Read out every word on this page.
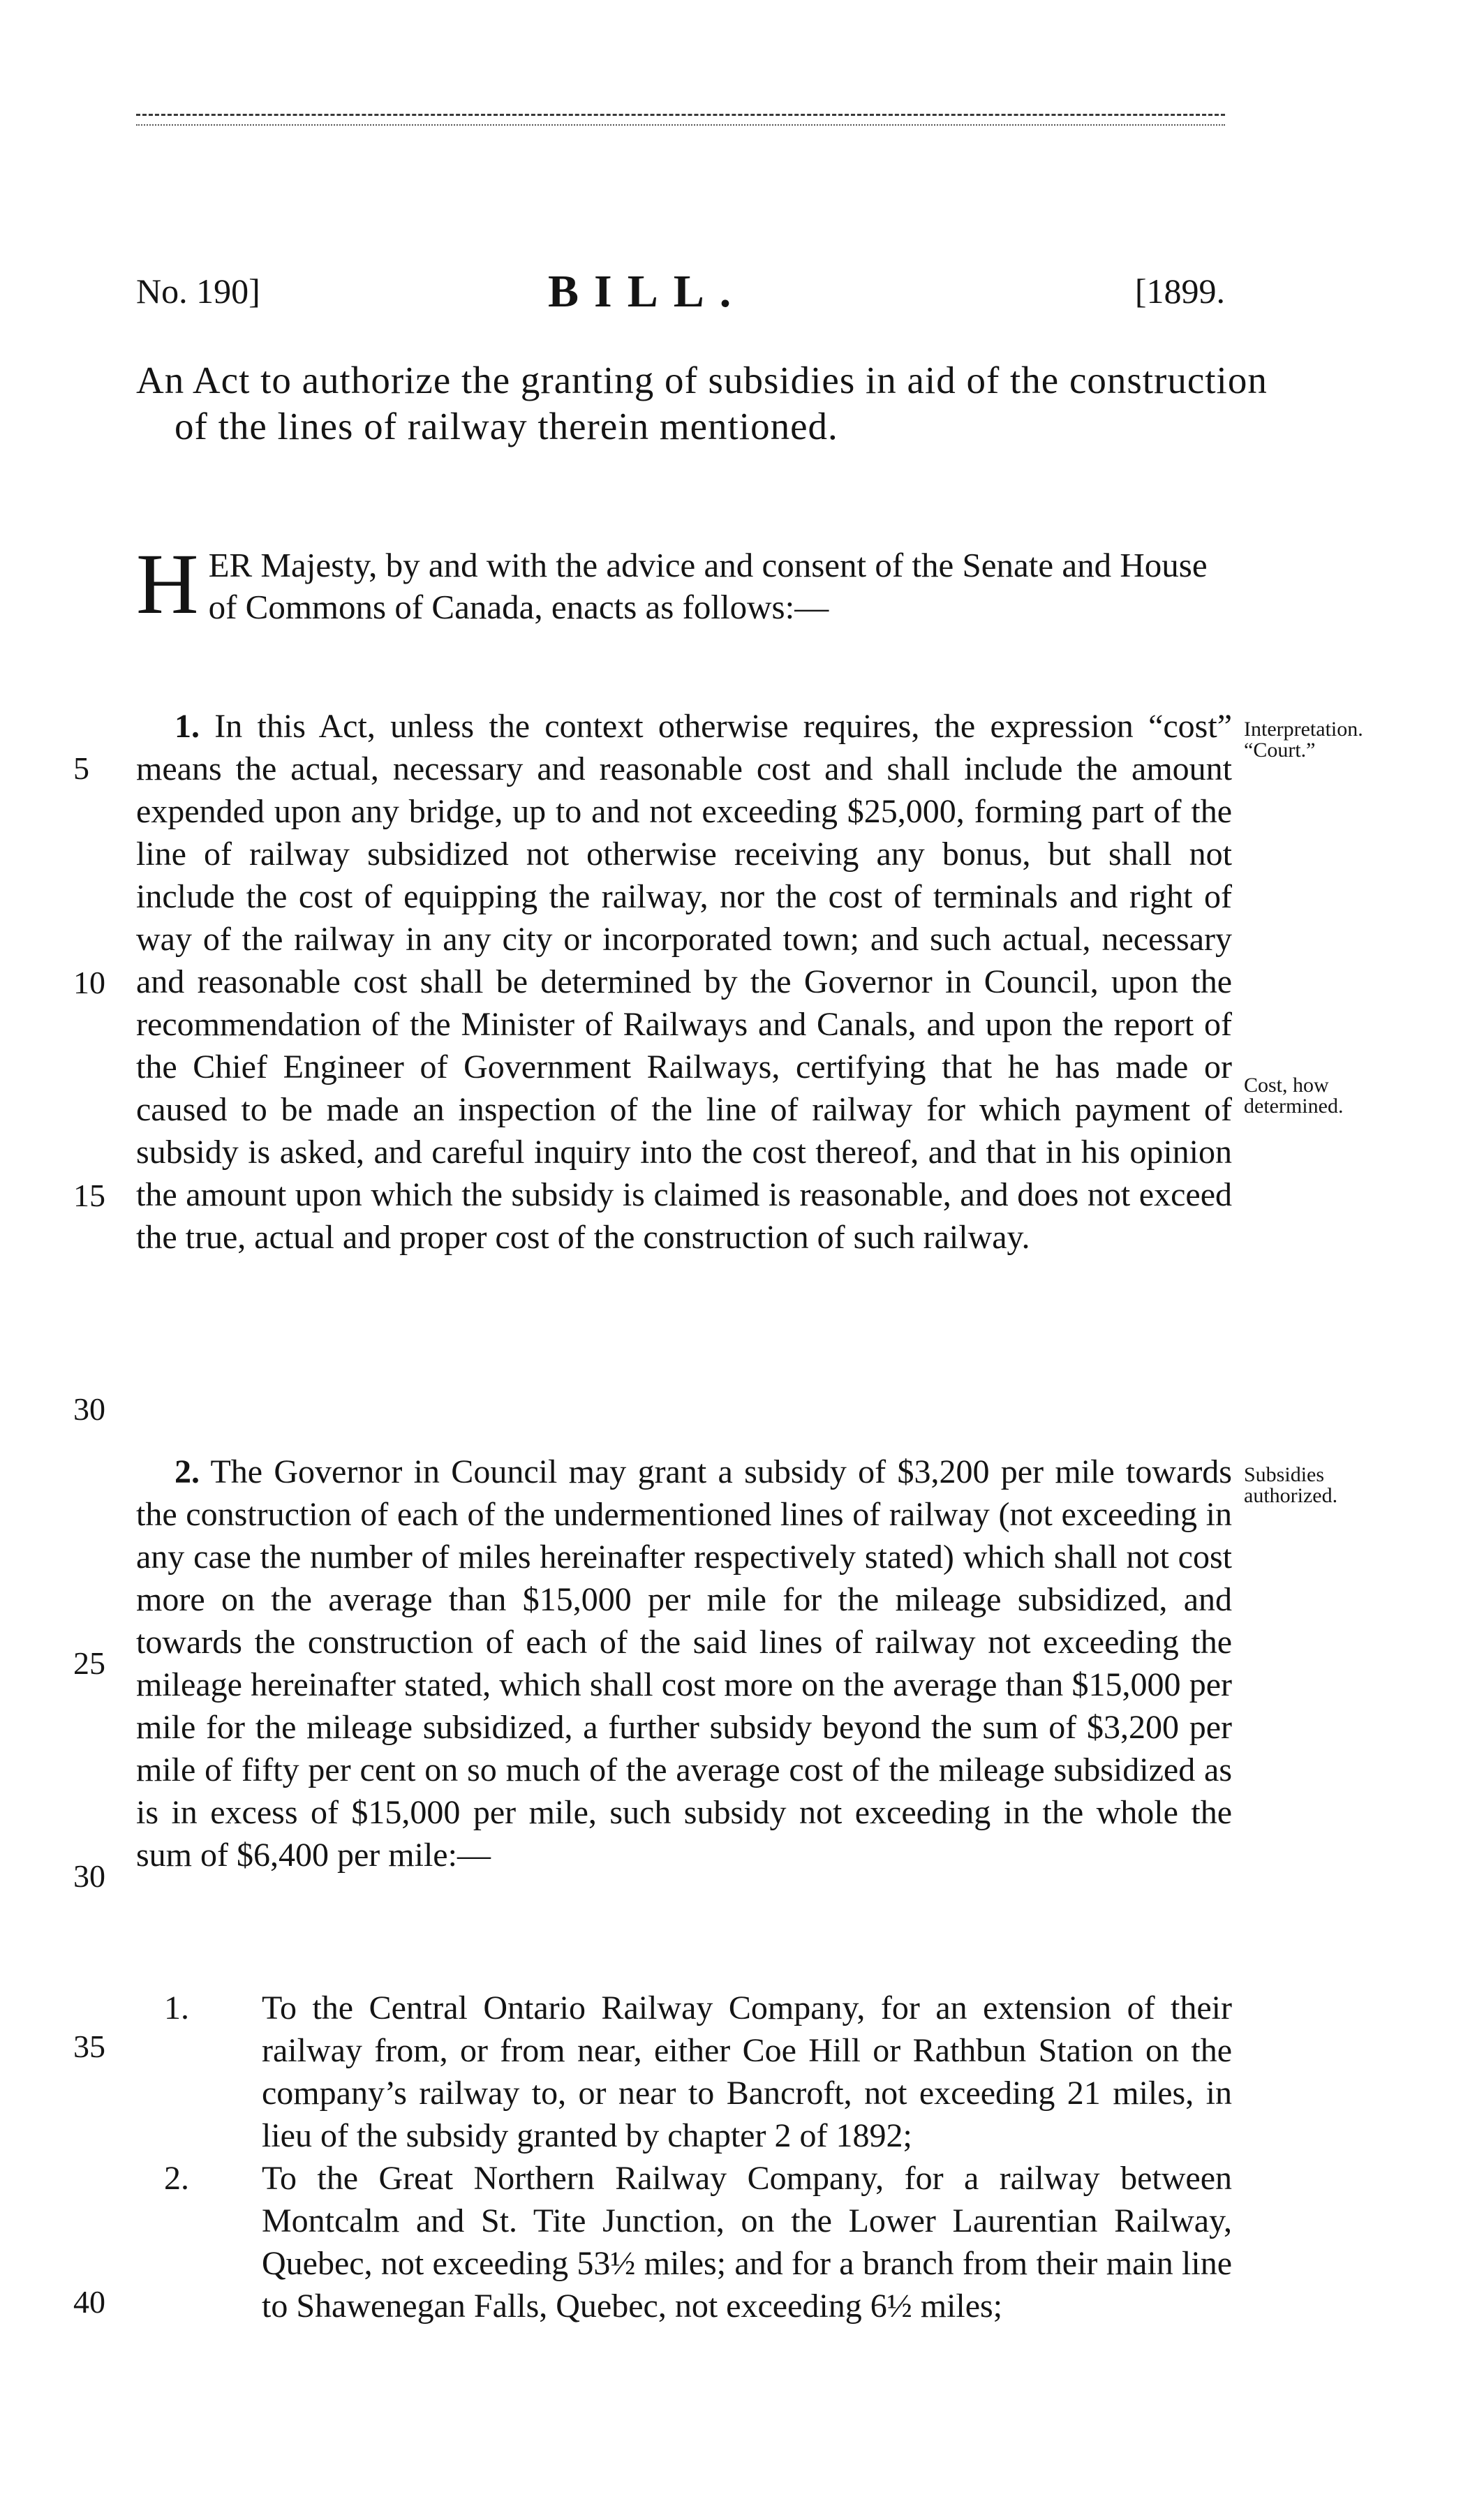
No. 190]	BILL.	[1899.
An Act to authorize the granting of subsidies in aid of the construction of the lines of railway therein mentioned.
H ER Majesty, by and with the advice and consent of the Senate and House of Commons of Canada, enacts as follows:—

1. In this Act, unless the context otherwise requires, the expression “cost” means the actual, necessary and reasonable cost and shall include the amount expended upon any bridge, up to and not exceeding $25,000, forming part of the line of railway subsidized not otherwise receiving any bonus, but shall not include the cost of equipping the railway, nor the cost of terminals and right of way of the railway in any city or incorporated town; and such actual, necessary and reasonable cost shall be determined by the Governor in Council, upon the recommendation of the Minister of Railways and Canals, and upon the report of the Chief Engineer of Government Railways, certifying that he has made or caused to be made an inspection of the line of railway for which payment of subsidy is asked, and careful inquiry into the cost thereof, and that in his opinion the amount upon which the subsidy is claimed is reasonable, and does not exceed the true, actual and proper cost of the construction of such railway.

2. The Governor in Council may grant a subsidy of $3,200 per mile towards the construction of each of the undermentioned lines of railway (not exceeding in any case the number of miles hereinafter respectively stated) which shall not cost more on the average than $15,000 per mile for the mileage subsidized, and towards the construction of each of the said lines of railway not exceeding the mileage hereinafter stated, which shall cost more on the average than $15,000 per mile for the mileage subsidized, a further subsidy beyond the sum of $3,200 per mile of fifty per cent on so much of the average cost of the mileage subsidized as is in excess of $15,000 per mile, such subsidy not exceeding in the whole the sum of $6,400 per mile:—

1. To the Central Ontario Railway Company, for an extension of their railway from, or from near, either Coe Hill or Rathbun Station on the company’s railway to, or near to Bancroft, not exceeding 21 miles, in lieu of the subsidy granted by chapter 2 of 1892;
2. To the Great Northern Railway Company, for a railway between Montcalm and St. Tite Junction, on the Lower Laurentian Railway, Quebec, not exceeding 53½ miles; and for a branch from their main line to Shawenegan Falls, Quebec, not exceeding 6½ miles;
Interpretation. “Court.”
Cost, how determined.
Subsidies authorized.
5
10
15
30
25
30
35
40
